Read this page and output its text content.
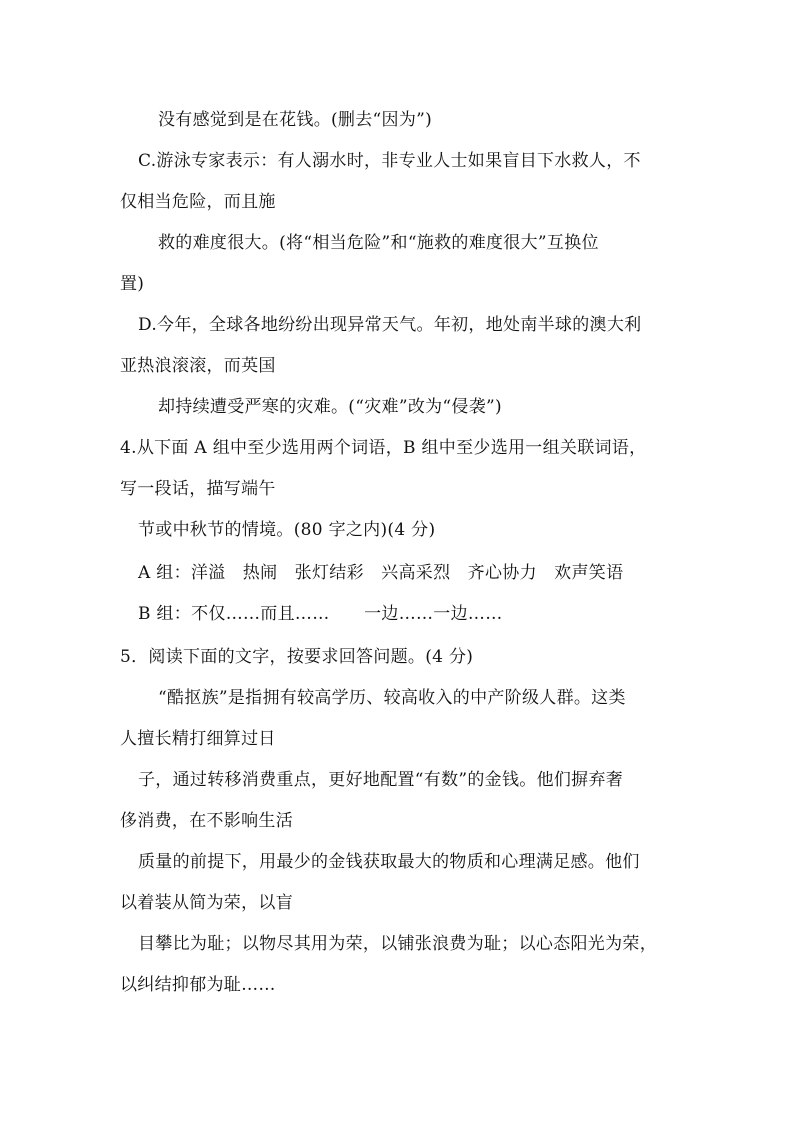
没有感觉到是在花钱。(删去“因为”)
C.游泳专家表示：有人溺水时，非专业人士如果盲目下水救人，不
仅相当危险，而且施
救的难度很大。(将“相当危险”和“施救的难度很大”互换位
置)
D.今年，全球各地纷纷出现异常天气。年初，地处南半球的澳大利
亚热浪滚滚，而英国
却持续遭受严寒的灾难。(“灾难”改为“侵袭”)
4.从下面 A 组中至少选用两个词语，B 组中至少选用一组关联词语，
写一段话，描写端午
节或中秋节的情境。(80 字之内)(4 分)
A 组：洋溢　热闹　张灯结彩　兴高采烈　齐心协力　欢声笑语
B 组：不仅……而且……　　一边……一边……
5．阅读下面的文字，按要求回答问题。(4 分)
“酷抠族”是指拥有较高学历、较高收入的中产阶级人群。这类
人擅长精打细算过日
子，通过转移消费重点，更好地配置“有数”的金钱。他们摒弃奢
侈消费，在不影响生活
质量的前提下，用最少的金钱获取最大的物质和心理满足感。他们
以着装从简为荣，以盲
目攀比为耻；以物尽其用为荣，以铺张浪费为耻；以心态阳光为荣，
以纠结抑郁为耻……
